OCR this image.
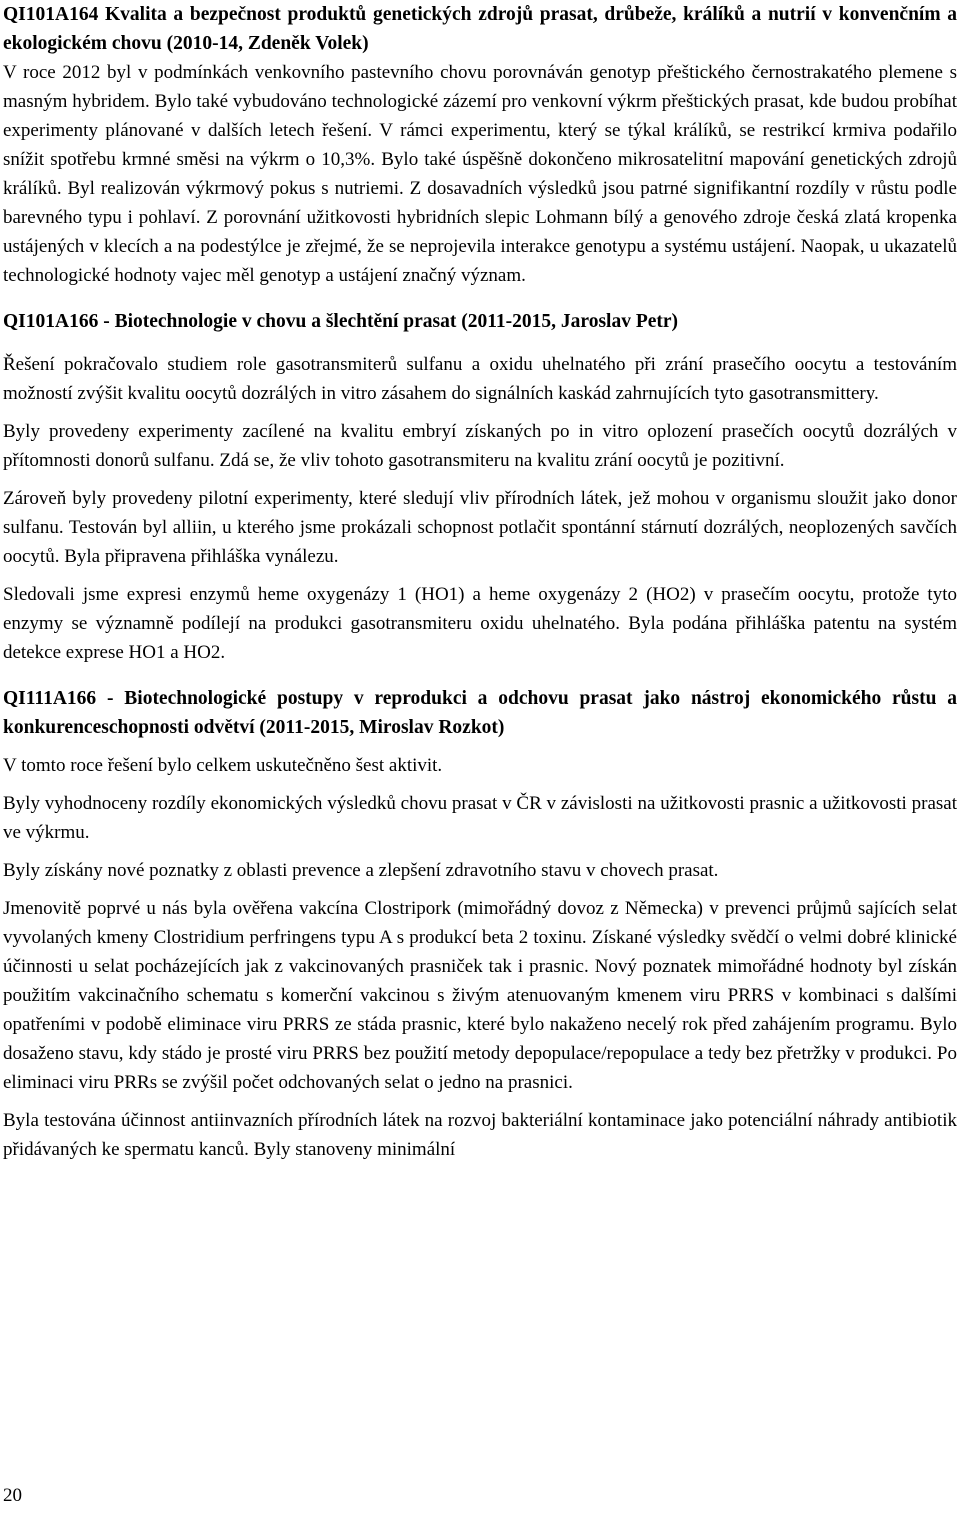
QI101A164 Kvalita a bezpečnost produktů genetických zdrojů prasat, drůbeže, králíků a nutrií v konvenčním a ekologickém chovu (2010-14, Zdeněk Volek)

V roce 2012 byl v podmínkách venkovního pastevního chovu porovnáván genotyp přeštického černostrakatého plemene s masným hybridem. Bylo také vybudováno technologické zázemí pro venkovní výkrm přeštických prasat, kde budou probíhat experimenty plánované v dalších letech řešení. V rámci experimentu, který se týkal králíků, se restrikcí krmiva podařilo snížit spotřebu krmné směsi na výkrm o 10,3%. Bylo také úspěšně dokončeno mikrosatelitní mapování genetických zdrojů králíků. Byl realizován výkrmový pokus s nutriemi. Z dosavadních výsledků jsou patrné signifikantní rozdíly v růstu podle barevného typu i pohlaví. Z porovnání užitkovosti hybridních slepic Lohmann bílý a genového zdroje česká zlatá kropenka ustájených v klecích a na podestýlce je zřejmé, že se neprojevila interakce genotypu a systému ustájení. Naopak, u ukazatelů technologické hodnoty vajec měl genotyp a ustájení značný význam.

QI101A166 - Biotechnologie v chovu a šlechtění prasat (2011-2015, Jaroslav Petr)

Řešení pokračovalo studiem role gasotransmiterů sulfanu a oxidu uhelnatého při zrání prasečího oocytu a testováním možností zvýšit kvalitu oocytů dozrálých in vitro zásahem do signálních kaskád zahrnujících tyto gasotransmittery.

Byly provedeny experimenty zacílené na kvalitu embryí získaných po in vitro oplození prasečích oocytů dozrálých v přítomnosti donorů sulfanu. Zdá se, že vliv tohoto gasotransmiteru na kvalitu zrání oocytů je pozitivní.

Zároveň byly provedeny pilotní experimenty, které sledují vliv přírodních látek, jež mohou v organismu sloužit jako donor sulfanu. Testován byl alliin, u kterého jsme prokázali schopnost potlačit spontánní stárnutí dozrálých, neoplozených savčích oocytů. Byla připravena přihláška vynálezu.

Sledovali jsme expresi enzymů heme oxygenázy 1 (HO1) a heme oxygenázy 2 (HO2) v prasečím oocytu, protože tyto enzymy se významně podílejí na produkci gasotransmiteru oxidu uhelnatého. Byla podána přihláška patentu na systém detekce exprese HO1 a HO2.

QI111A166 - Biotechnologické postupy v reprodukci a odchovu prasat jako nástroj ekonomického růstu a konkurenceschopnosti odvětví (2011-2015, Miroslav Rozkot)

V tomto roce řešení bylo celkem uskutečněno šest aktivit.

Byly vyhodnoceny rozdíly ekonomických výsledků chovu prasat v ČR v závislosti na užitkovosti prasnic a užitkovosti prasat ve výkrmu.

Byly získány nové poznatky z oblasti prevence a zlepšení zdravotního stavu v chovech prasat.

Jmenovitě poprvé u nás byla ověřena vakcína Clostripork (mimořádný dovoz z Německa) v prevenci průjmů sajících selat vyvolaných kmeny Clostridium perfringens typu A s produkcí beta 2 toxinu. Získané výsledky svědčí o velmi dobré klinické účinnosti u selat pocházejících jak z vakcinovaných prasniček tak i prasnic. Nový poznatek mimořádné hodnoty byl získán použitím vakcinačního schematu s komerční vakcinou s živým atenuovaným kmenem viru PRRS v kombinaci s dalšími opatřeními v podobě eliminace viru PRRS ze stáda prasnic, které bylo nakaženo necelý rok před zahájením programu. Bylo dosaženo stavu, kdy stádo je prosté viru PRRS bez použití metody depopulace/repopulace a tedy bez přetržky v produkci. Po eliminaci viru PRRs se zvýšil počet odchovaných selat o jedno na prasnici.

Byla testována účinnost antiinvazních přírodních látek na rozvoj bakteriální kontaminace jako potenciální náhrady antibiotik přidávaných ke spermatu kanců. Byly stanoveny minimální

20
